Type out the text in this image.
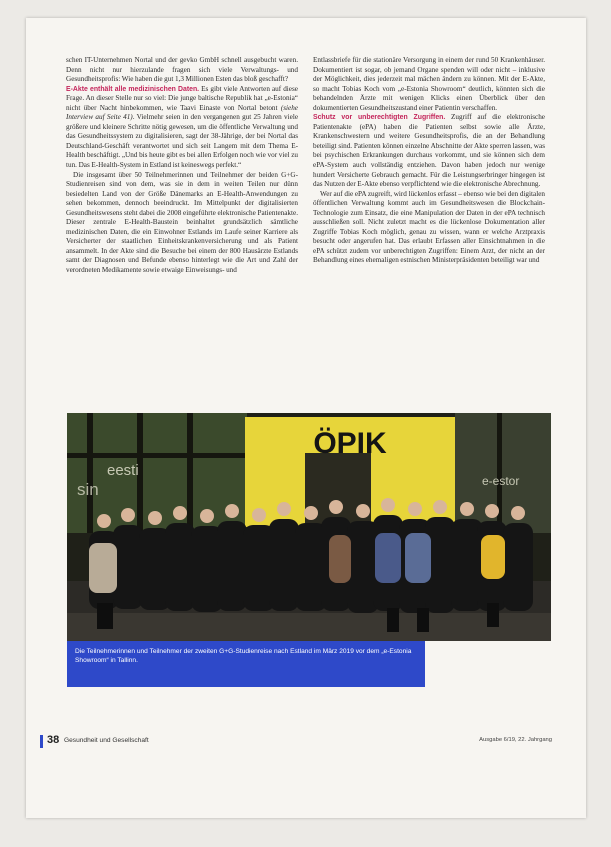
schen IT-Unternehmen Nortal und der gevko GmbH schnell ausgebucht waren. Denn nicht nur hierzulande fragen sich viele Verwaltungs- und Gesundheitsprofis: Wie haben die gut 1,3 Millionen Esten das bloß geschafft?

E-Akte enthält alle medizinischen Daten. Es gibt viele Antworten auf diese Frage. An dieser Stelle nur so viel: Die junge baltische Republik hat „e-Estonia“ nicht über Nacht hinbekommen, wie Taavi Einaste von Nortal betont (siehe Interview auf Seite 41). Vielmehr seien in den vergangenen gut 25 Jahren viele größere und kleinere Schritte nötig gewesen, um die öffentliche Verwaltung und das Gesundheitssystem zu digitalisieren, sagt der 38-Jährige, der bei Nortal das Deutschland-Geschäft verantwortet und sich seit Langem mit dem Thema E-Health beschäftigt. „Und bis heute gibt es bei allen Erfolgen noch wie vor viel zu tun. Das E-Health-System in Estland ist keineswegs perfekt.“

Die insgesamt über 50 Teilnehmerinnen und Teilnehmer der beiden G+G-Studienreisen sind von dem, was sie in dem in weiten Teilen nur dünn besiedelten Land von der Größe Dänemarks an E-Health-Anwendungen zu sehen bekommen, dennoch beeindruckt. Im Mittelpunkt der digitalisierten Gesundheitswesens steht dabei die 2008 eingeführte elektronische Patientenakte. Dieser zentrale E-Health-Baustein beinhaltet grundsätzlich sämtliche medizinischen Daten, die ein Einwohner Estlands im Laufe seiner Karriere als Versicherter der staatlichen Einheitskrankenversicherung und als Patient ansammelt. In der Akte sind die Besuche bei einem der 800 Hausärzte Estlands samt der Diagnosen und Befunde ebenso hinterlegt wie die Art und Zahl der verordneten Medikamente sowie etwaige Einweisungs- und

Entlassbriefe für die stationäre Versorgung in einem der rund 50 Krankenhäuser. Dokumentiert ist sogar, ob jemand Organe spenden will oder nicht – inklusive der Möglichkeit, dies jederzeit mal mächen ändern zu können. Mit der E-Akte, so macht Tobias Koch vom „e-Estonia Showroom“ deutlich, könnten sich die behandelnden Ärzte mit wenigen Klicks einen Überblick über den dokumentierten Gesundheitszustand einer Patientin verschaffen.

Schutz vor unberechtigten Zugriffen. Zugriff auf die elektronische Patientenakte (ePA) haben die Patienten selbst sowie alle Ärzte, Krankenschwestern und weitere Gesundheitsprofis, die an der Behandlung beteiligt sind. Patienten können einzelne Abschnitte der Akte sperren lassen, was bei psychischen Erkrankungen durchaus vorkommt, und sie können sich dem ePA-System auch vollständig entziehen. Davon haben jedoch nur wenige hundert Versicherte Gebrauch gemacht. Für die Leistungserbringer hingegen ist das Nutzen der E-Akte ebenso verpflichtend wie die elektronische Abrechnung.

Wer auf die ePA zugreift, wird lückenlos erfasst – ebenso wie bei den digitalen öffentlichen Verwaltung kommt auch im Gesundheitswesen die Blockchain-Technologie zum Einsatz, die eine Manipulation der Daten in der ePA technisch ausschließen soll. Nicht zuletzt macht es die lückenlose Dokumentation aller Zugriffe Tobias Koch möglich, genau zu wissen, wann er welche Arztpraxis besucht oder angerufen hat. Das erlaubt Erfassen aller Einsichtnahmen in die ePA schützt zudem vor unberechtigten Zugriffen: Einem Arzt, der nicht an der Behandlung eines ehemaligen estnischen Ministerpräsidenten beteiligt war und

ÖPIK
eesti
sin	e-estor
Die Teilnehmerinnen und Teilnehmer der zweiten G+G-Studienreise nach Estland im März 2019 vor dem „e-Estonia Showroom“ in Tallinn.
38 Gesundheit und Gesellschaft	Ausgabe 6/19, 22. Jahrgang
